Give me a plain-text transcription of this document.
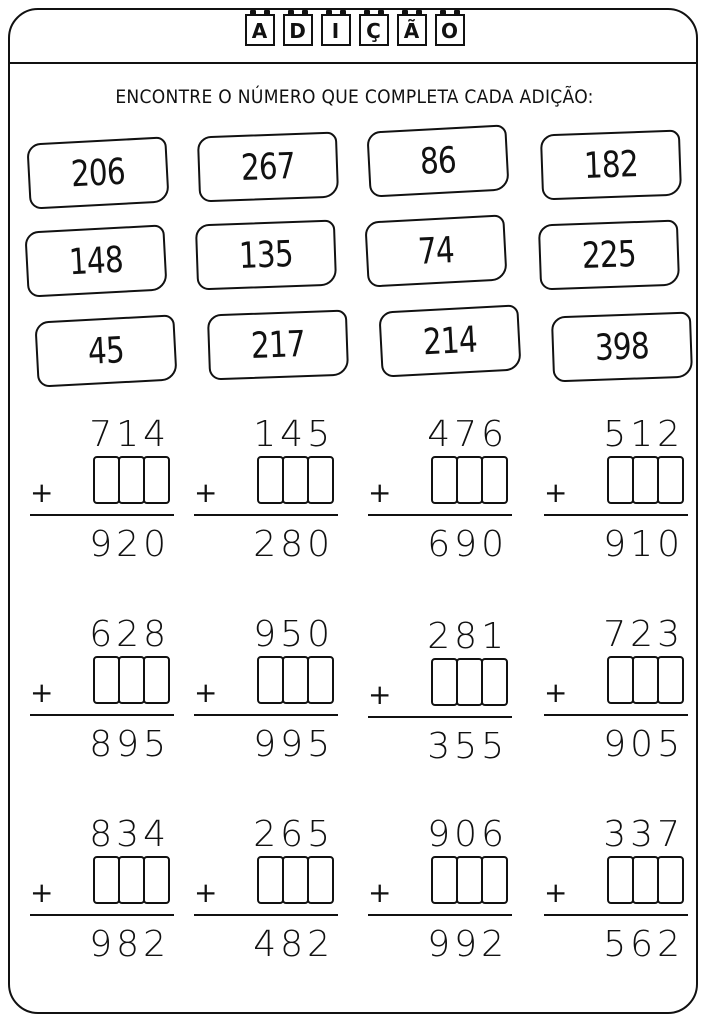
A D I Ç Ã O
ENCONTRE O NÚMERO QUE COMPLETA CADA ADIÇÃO:
206	267	86	182
148	135	74	225
45	217	214	398
714
+
920
145
+
280
476
+
690
512
+
910
628
+
895
950
+
995
281
+
355
723
+
905
834
+
982
265
+
482
906
+
992
337
+
562
